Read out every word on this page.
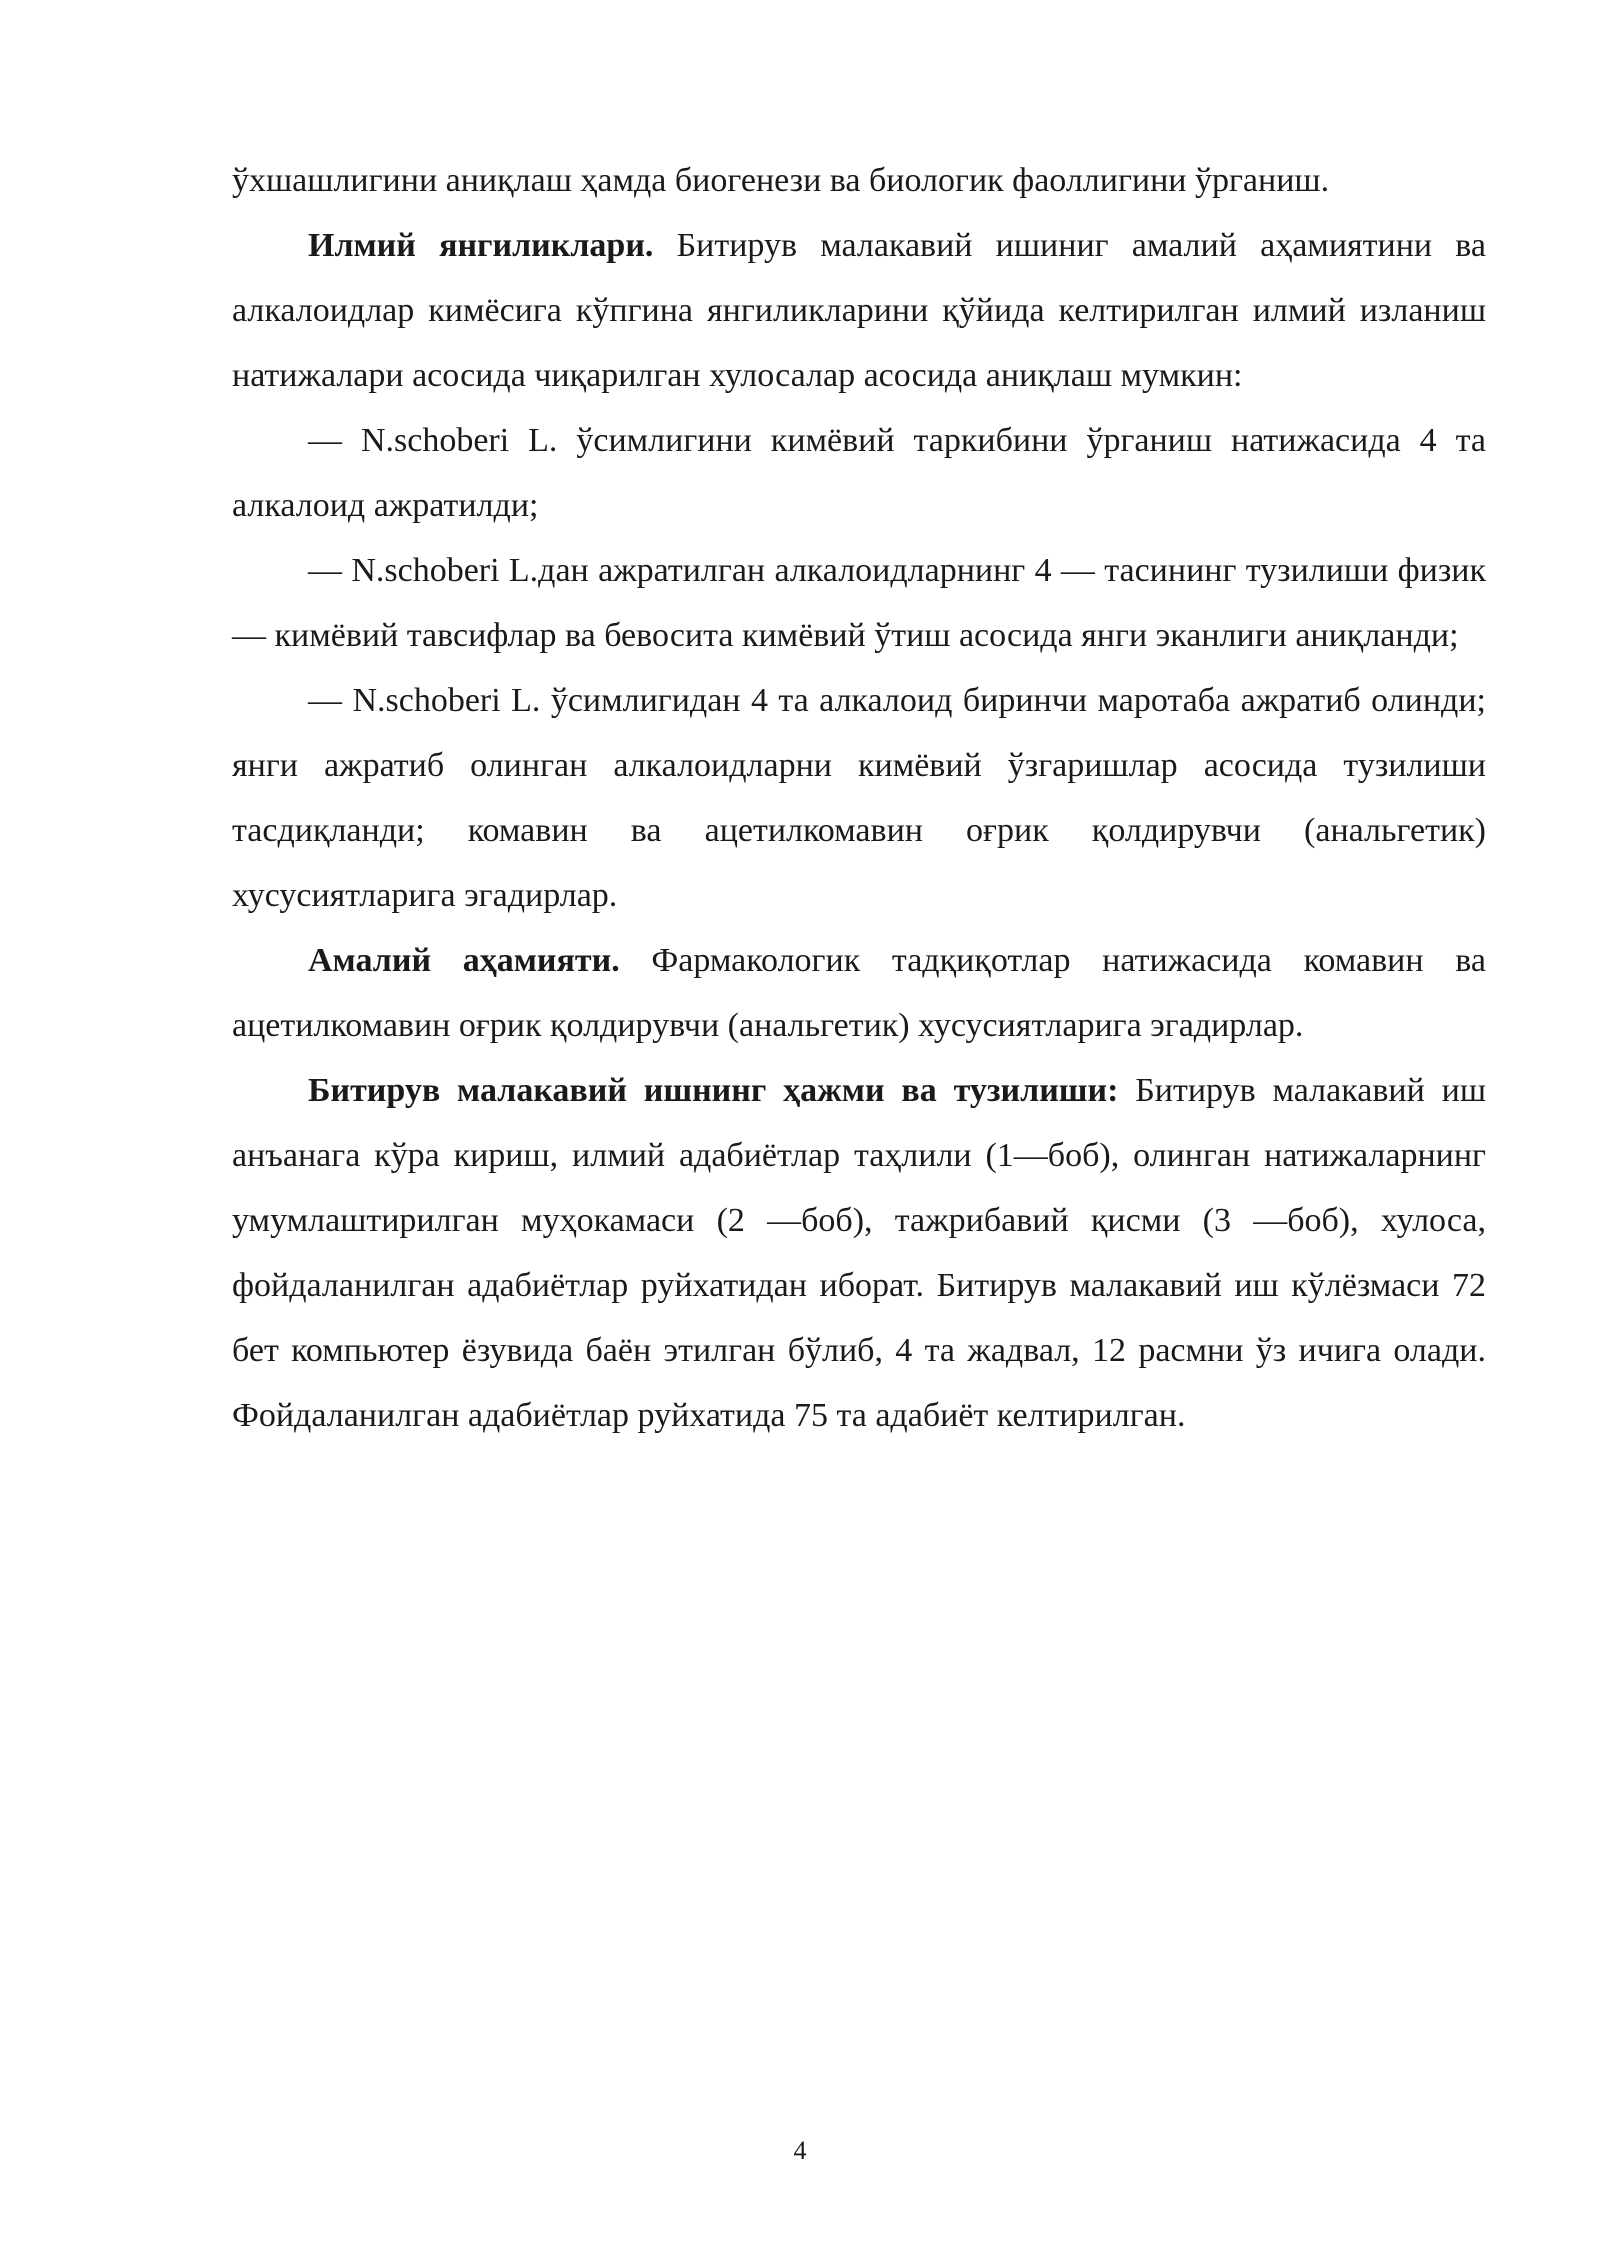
ўхшашлигини аниқлаш ҳамда биогенези ва биологик фаоллигини ўрганиш.

Илмий янгиликлари. Битирув малакавий ишиниг амалий аҳамиятини ва алкалоидлар кимёсига кўпгина янгиликларини қўйида келтирилган илмий изланиш натижалари асосида чиқарилган хулосалар асосида аниқлаш мумкин:

— N.schoberi L. ўсимлигини кимёвий таркибини ўрганиш натижасида 4 та алкалоид ажратилди;

— N.schoberi L.дан ажратилган алкалоидларнинг 4 — тасининг тузилиши физик — кимёвий тавсифлар ва бевосита кимёвий ўтиш асосида янги эканлиги аниқланди;

— N.schoberi L. ўсимлигидан 4 та алкалоид биринчи маротаба ажратиб олинди; янги ажратиб олинган алкалоидларни кимёвий ўзгаришлар асосида тузилиши тасдиқланди; комавин ва ацетилкомавин оғрик қолдирувчи (анальгетик) хусусиятларига эгадирлар.

Амалий аҳамияти. Фармакологик тадқиқотлар натижасида комавин ва ацетилкомавин оғрик қолдирувчи (анальгетик) хусусиятларига эгадирлар.

Битирув малакавий ишнинг ҳажми ва тузилиши: Битирув малакавий иш анъанага кўра кириш, илмий адабиётлар таҳлили (1—боб), олинган натижаларнинг умумлаштирилган муҳокамаси (2 —боб), тажрибавий қисми (3 —боб), хулоса, фойдаланилган адабиётлар руйхатидан иборат. Битирув малакавий иш кўлёзмаси 72 бет компьютер ёзувида баён этилган бўлиб, 4 та жадвал, 12 расмни ўз ичига олади. Фойдаланилган адабиётлар руйхатида 75 та адабиёт келтирилган.

4
